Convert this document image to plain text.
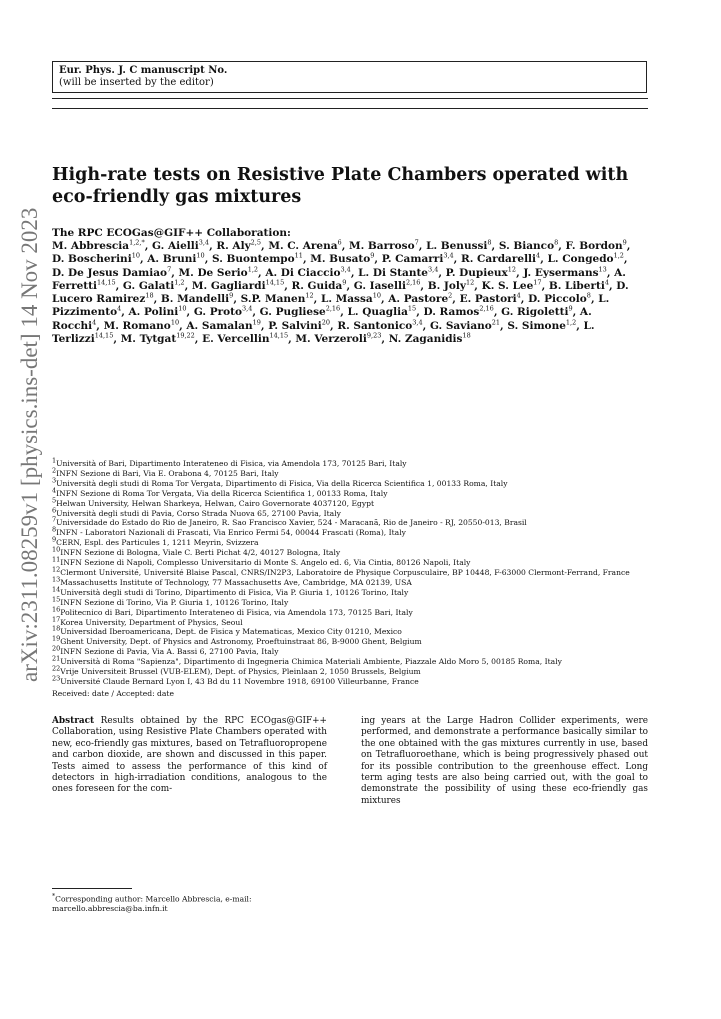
arXiv:2311.08259v1 [physics.ins-det] 14 Nov 2023
Eur. Phys. J. C manuscript No.
(will be inserted by the editor)
High-rate tests on Resistive Plate Chambers operated with
eco-friendly gas mixtures
The RPC ECOGas@GIF++ Collaboration:
M. Abbrescia$^{1,2,*}$, G. Aielli$^{3,4}$, R. Aly$^{2,5}$, M. C. Arena$^6$, M. Barroso$^7$, L. Benussi$^8$, S. Bianco$^8$, F. Bordon$^9$, D. Boscherini$^{10}$, A. Bruni$^{10}$, S. Buontempo$^{11}$, M. Busato$^9$, P. Camarri$^{3,4}$, R. Cardarelli$^4$, L. Congedo$^{1,2}$, D. De Jesus Damiao$^7$, M. De Serio$^{1,2}$, A. Di Ciaccio$^{3,4}$, L. Di Stante$^{3,4}$, P. Dupieux$^{12}$, J. Eysermans$^{13}$, A. Ferretti$^{14,15}$, G. Galati$^{1,2}$, M. Gagliardi$^{14,15}$, R. Guida$^9$, G. Iaselli$^{2,16}$, B. Joly$^{12}$, K. S. Lee$^{17}$, B. Liberti$^4$, D. Lucero Ramirez$^{18}$, B. Mandelli$^9$, S.P. Manen$^{12}$, L. Massa$^{10}$, A. Pastore$^2$, E. Pastori$^4$, D. Piccolo$^8$, L. Pizzimento$^4$, A. Polini$^{10}$, G. Proto$^{3,4}$, G. Pugliese$^{2,16}$, L. Quaglia$^{15}$, D. Ramos$^{2,16}$, G. Rigoletti$^9$, A. Rocchi$^4$, M. Romano$^{10}$, A. Samalan$^{19}$, P. Salvini$^{20}$, R. Santonico$^{3,4}$, G. Saviano$^{21}$, S. Simone$^{1,2}$, L. Terlizzi$^{14,15}$, M. Tytgat$^{19,22}$, E. Vercellin$^{14,15}$, M. Verzeroli$^{9,23}$, N. Zaganidis$^{18}$
$^1$Università of Bari, Dipartimento Interateneo di Fisica, via Amendola 173, 70125 Bari, Italy
$^2$INFN Sezione di Bari, Via E. Orabona 4, 70125 Bari, Italy
$^3$Università degli studi di Roma Tor Vergata, Dipartimento di Fisica, Via della Ricerca Scientifica 1, 00133 Roma, Italy
$^4$INFN Sezione di Roma Tor Vergata, Via della Ricerca Scientifica 1, 00133 Roma, Italy
$^5$Helwan University, Helwan Sharkeya, Helwan, Cairo Governorate 4037120, Egypt
$^6$Università degli studi di Pavia, Corso Strada Nuova 65, 27100 Pavia, Italy
$^7$Universidade do Estado do Rio de Janeiro, R. Sao Francisco Xavier, 524 - Maracanã, Rio de Janeiro - RJ, 20550-013, Brasil
$^8$INFN - Laboratori Nazionali di Frascati, Via Enrico Fermi 54, 00044 Frascati (Roma), Italy
$^9$CERN, Espl. des Particules 1, 1211 Meyrin, Svizzera
$^{10}$INFN Sezione di Bologna, Viale C. Berti Pichat 4/2, 40127 Bologna, Italy
$^{11}$INFN Sezione di Napoli, Complesso Universitario di Monte S. Angelo ed. 6, Via Cintia, 80126 Napoli, Italy
$^{12}$Clermont Université, Université Blaise Pascal, CNRS/IN2P3, Laboratoire de Physique Corpusculaire, BP 10448, F-63000 Clermont-Ferrand, France
$^{13}$Massachusetts Institute of Technology, 77 Massachusetts Ave, Cambridge, MA 02139, USA
$^{14}$Università degli studi di Torino, Dipartimento di Fisica, Via P. Giuria 1, 10126 Torino, Italy
$^{15}$INFN Sezione di Torino, Via P. Giuria 1, 10126 Torino, Italy
$^{16}$Politecnico di Bari, Dipartimento Interateneo di Fisica, via Amendola 173, 70125 Bari, Italy
$^{17}$Korea University, Department of Physics, Seoul
$^{18}$Universidad Iberoamericana, Dept. de Fisica y Matematicas, Mexico City 01210, Mexico
$^{19}$Ghent University, Dept. of Physics and Astronomy, Proeftuinstraat 86, B-9000 Ghent, Belgium
$^{20}$INFN Sezione di Pavia, Via A. Bassi 6, 27100 Pavia, Italy
$^{21}$Università di Roma "Sapienza", Dipartimento di Ingegneria Chimica Materiali Ambiente, Piazzale Aldo Moro 5, 00185 Roma, Italy
$^{22}$Vrije Universiteit Brussel (VUB-ELEM), Dept. of Physics, Pleinlaan 2, 1050 Brussels, Belgium
$^{23}$Université Claude Bernard Lyon I, 43 Bd du 11 Novembre 1918, 69100 Villeurbanne, France
Received: date / Accepted: date
Abstract Results obtained by the RPC ECOgas@GIF++ Collaboration, using Resistive Plate Chambers operated with new, eco-friendly gas mixtures, based on Tetrafluoropropene and carbon dioxide, are shown and discussed in this paper. Tests aimed to assess the performance of this kind of detectors in high-irradiation conditions, analogous to the ones foreseen for the com-
ing years at the Large Hadron Collider experiments, were performed, and demonstrate a performance basically similar to the one obtained with the gas mixtures currently in use, based on Tetrafluoroethane, which is being progressively phased out for its possible contribution to the greenhouse effect. Long term aging tests are also being carried out, with the goal to demonstrate the possibility of using these eco-friendly gas mixtures
*Corresponding author: Marcello Abbrescia, e-mail: marcello.abbrescia@ba.infn.it
